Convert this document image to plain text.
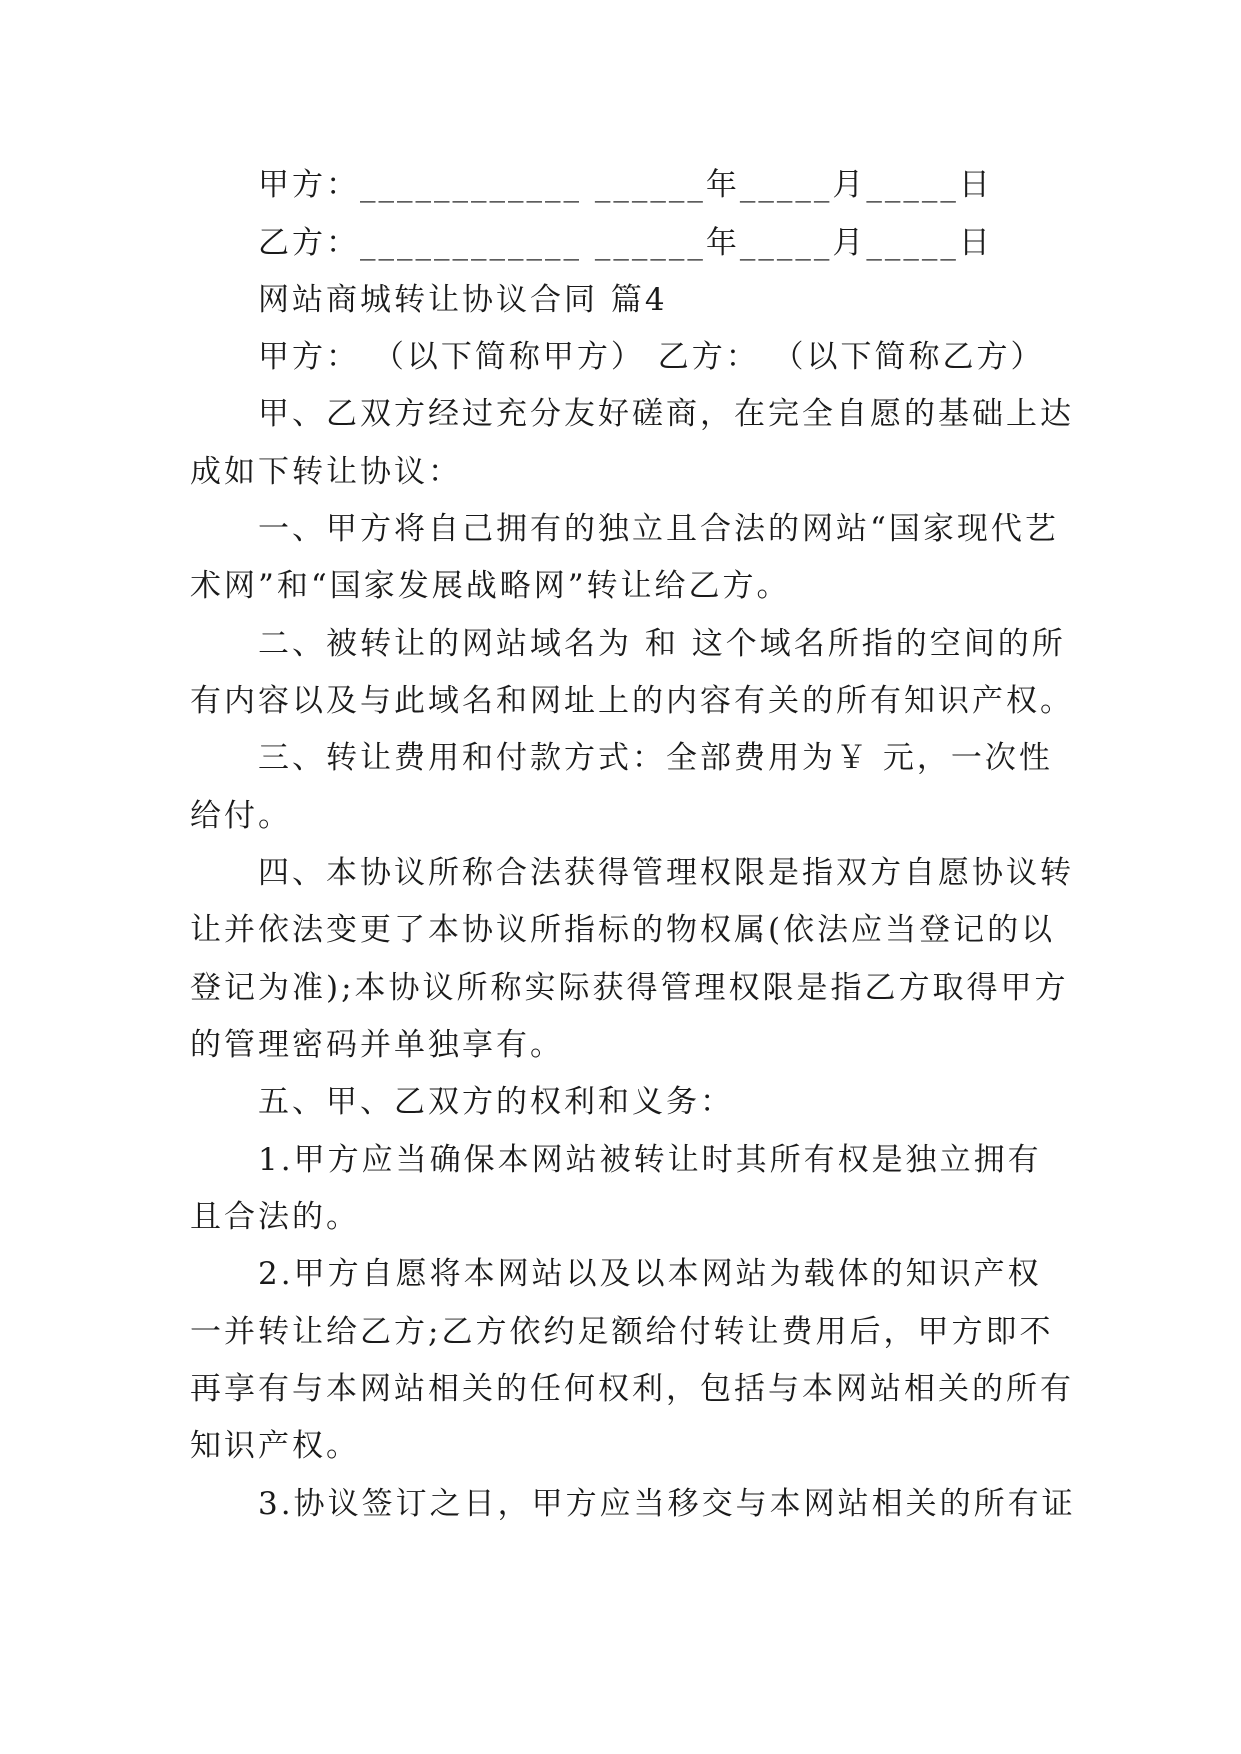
甲方：____________ ______年_____月_____日
乙方：____________ ______年_____月_____日
网站商城转让协议合同 篇4
甲方： （以下简称甲方） 乙方： （以下简称乙方）
甲、乙双方经过充分友好磋商，在完全自愿的基础上达
成如下转让协议：
一、甲方将自己拥有的独立且合法的网站“国家现代艺
术网”和“国家发展战略网”转让给乙方。
二、被转让的网站域名为 和 这个域名所指的空间的所
有内容以及与此域名和网址上的内容有关的所有知识产权。
三、转让费用和付款方式：全部费用为￥ 元，一次性
给付。
四、本协议所称合法获得管理权限是指双方自愿协议转
让并依法变更了本协议所指标的物权属(依法应当登记的以
登记为准);本协议所称实际获得管理权限是指乙方取得甲方
的管理密码并单独享有。
五、甲、乙双方的权利和义务：
1.甲方应当确保本网站被转让时其所有权是独立拥有
且合法的。
2.甲方自愿将本网站以及以本网站为载体的知识产权
一并转让给乙方;乙方依约足额给付转让费用后，甲方即不
再享有与本网站相关的任何权利，包括与本网站相关的所有
知识产权。
3.协议签订之日，甲方应当移交与本网站相关的所有证
